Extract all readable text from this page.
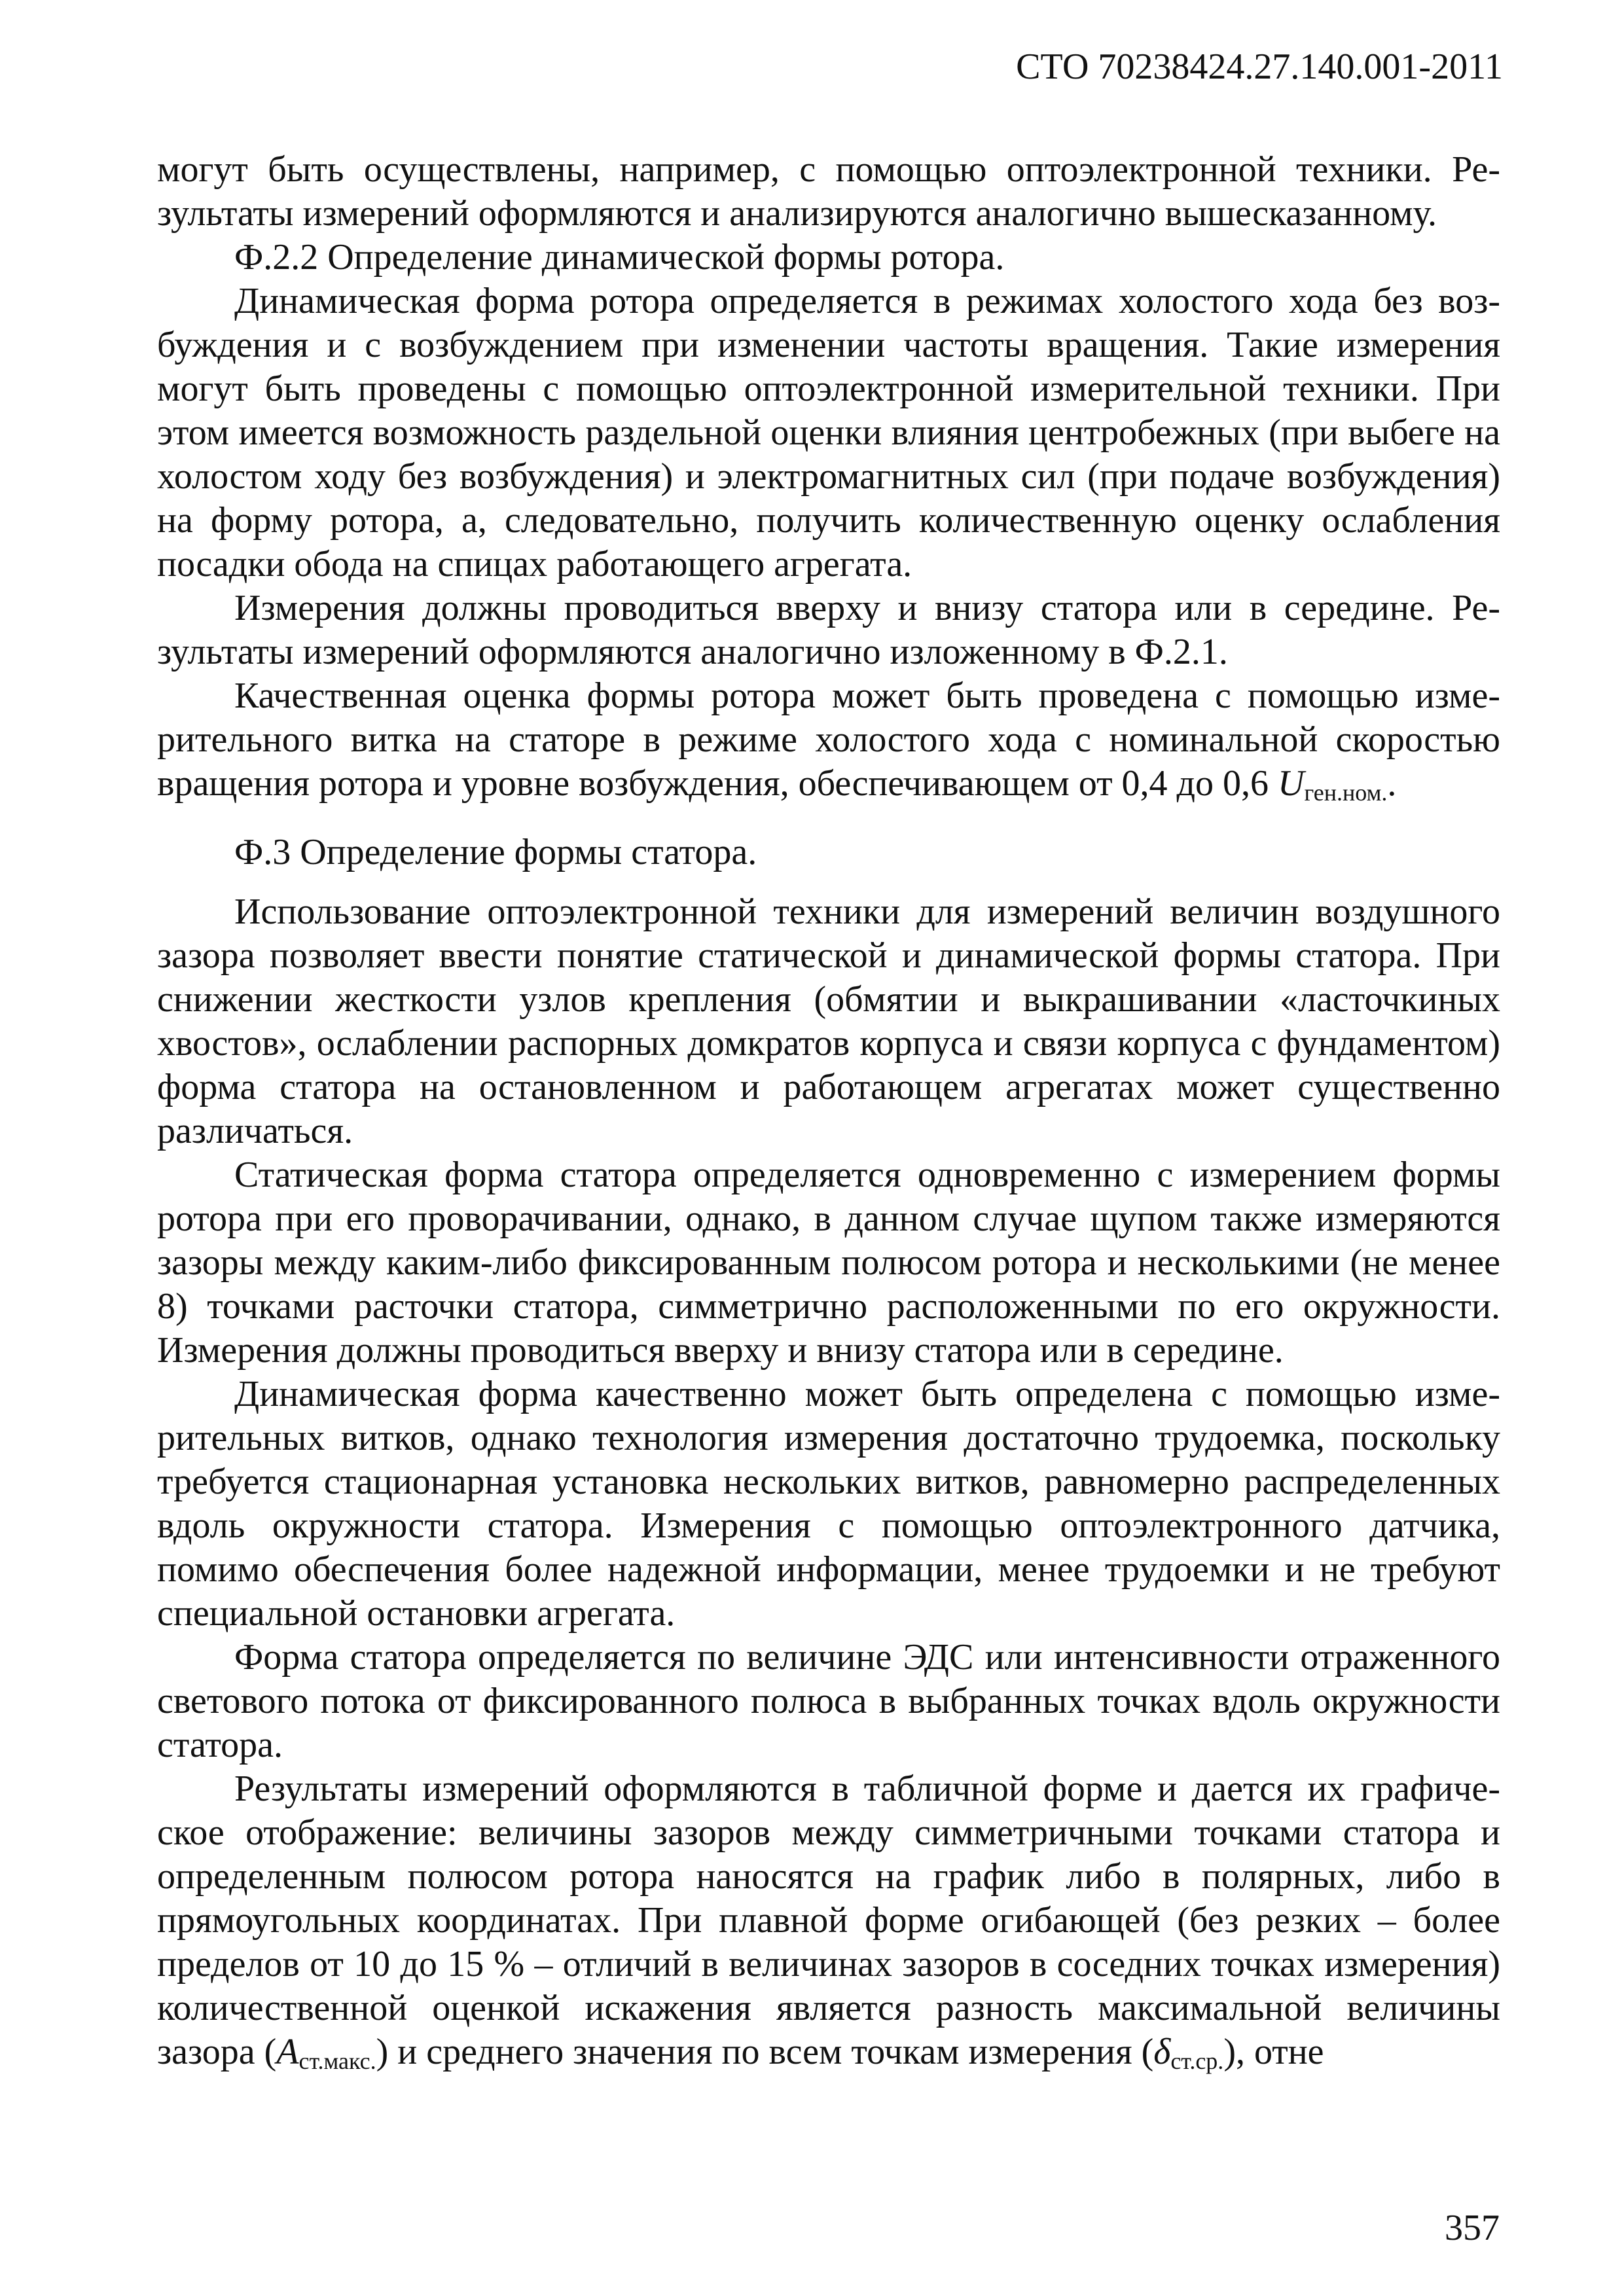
СТО 70238424.27.140.001-2011

могут быть осуществлены, например, с помощью оптоэлектронной техники. Результаты измерений оформляются и анализируются аналогично вышесказанному.

Ф.2.2 Определение динамической формы ротора.

Динамическая форма ротора определяется в режимах холостого хода без возбуждения и с возбуждением при изменении частоты вращения. Такие измерения могут быть проведены с помощью оптоэлектронной измерительной техники. При этом имеется возможность раздельной оценки влияния центробежных (при выбеге на холостом ходу без возбуждения) и электромагнитных сил (при подаче возбуждения) на форму ротора, а, следовательно, получить количественную оценку ослабления посадки обода на спицах работающего агрегата.

Измерения должны проводиться вверху и внизу статора или в середине. Результаты измерений оформляются аналогично изложенному в Ф.2.1.

Качественная оценка формы ротора может быть проведена с помощью измерительного витка на статоре в режиме холостого хода с номинальной скоростью вращения ротора и уровне возбуждения, обеспечивающем от 0,4 до 0,6 $U_{ген.ном.}$.

Ф.3 Определение формы статора.

Использование оптоэлектронной техники для измерений величин воздушного зазора позволяет ввести понятие статической и динамической формы статора. При снижении жесткости узлов крепления (обмятии и выкрашивании «ласточкиных хвостов», ослаблении распорных домкратов корпуса и связи корпуса с фундаментом) форма статора на остановленном и работающем агрегатах может существенно различаться.

Статическая форма статора определяется одновременно с измерением формы ротора при его проворачивании, однако, в данном случае щупом также измеряются зазоры между каким-либо фиксированным полюсом ротора и несколькими (не менее 8) точками расточки статора, симметрично расположенными по его окружности. Измерения должны проводиться вверху и внизу статора или в середине.

Динамическая форма качественно может быть определена с помощью измерительных витков, однако технология измерения достаточно трудоемка, поскольку требуется стационарная установка нескольких витков, равномерно распределенных вдоль окружности статора. Измерения с помощью оптоэлектронного датчика, помимо обеспечения более надежной информации, менее трудоемки и не требуют специальной остановки агрегата.

Форма статора определяется по величине ЭДС или интенсивности отраженного светового потока от фиксированного полюса в выбранных точках вдоль окружности статора.

Результаты измерений оформляются в табличной форме и дается их графическое отображение: величины зазоров между симметричными точками статора и определенным полюсом ротора наносятся на график либо в полярных, либо в прямоугольных координатах. При плавной форме огибающей (без резких – более пределов от 10 до 15 % – отличий в величинах зазоров в соседних точках измерения) количественной оценкой искажения является разность максимальной величины зазора $(A_{ст.макс.})$ и среднего значения по всем точкам измерения $(\delta_{ст.ср.})$, отне

357
